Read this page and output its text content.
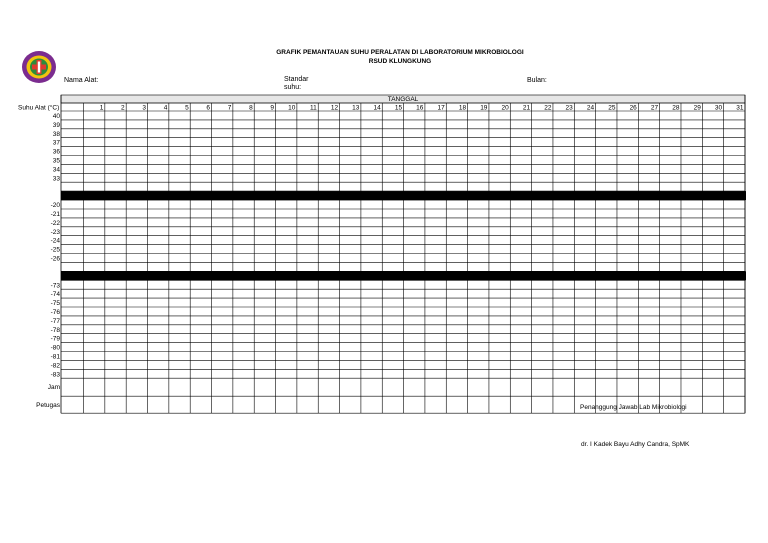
GRAFIK PEMANTAUAN SUHU PERALATAN DI LABORATORIUM MIKROBIOLOGI
RSUD KLUNGKUNG
Nama Alat:	Standar
suhu:
Bulan:
TANGGAL
Suhu Alat (°C)	1	2	3	4	5	6	7	8	9 10 11 12 13 14 15 16 17 18 19 20 21 22 23 24 25 26 27 28 29 30 31
40
39
38
37
36
35
34
33
-20
-21
-22
-23
-24
-25
-26
-73
-74
-75
-76
-77
-78
-79
-80
-81
-82
-83
Jam
Petugas	Penanggung Jawab Lab Mikrobiologi
dr. I Kadek Bayu Adhy Candra, SpMK
